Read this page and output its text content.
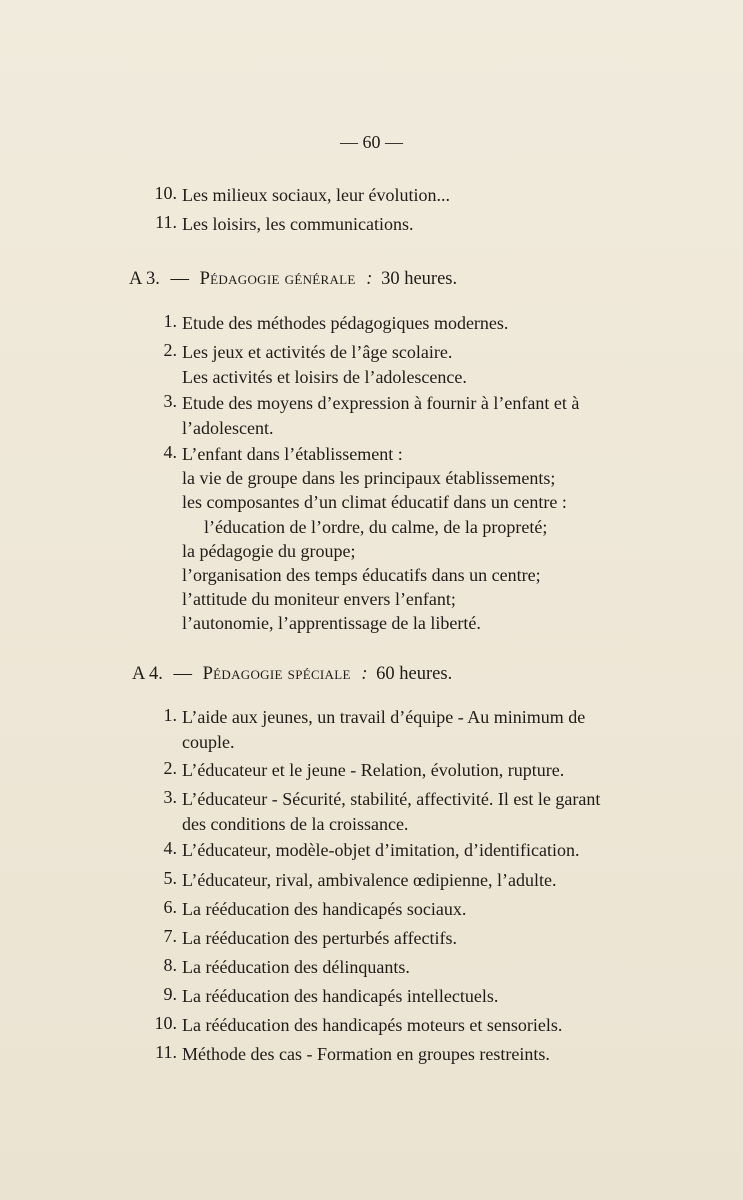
— 60 —
10. Les milieux sociaux, leur évolution...
11. Les loisirs, les communications.
A 3. — Pédagogie générale : 30 heures.
1. Etude des méthodes pédagogiques modernes.
2. Les jeux et activités de l’âge scolaire.
Les activités et loisirs de l’adolescence.
3. Etude des moyens d’expression à fournir à l’enfant et à
l’adolescent.
4. L’enfant dans l’établissement :
la vie de groupe dans les principaux établissements;
les composantes d’un climat éducatif dans un centre :
l’éducation de l’ordre, du calme, de la propreté;
la pédagogie du groupe;
l’organisation des temps éducatifs dans un centre;
l’attitude du moniteur envers l’enfant;
l’autonomie, l’apprentissage de la liberté.
A 4. — Pédagogie spéciale : 60 heures.
1. L’aide aux jeunes, un travail d’équipe - Au minimum de
couple.
2. L’éducateur et le jeune - Relation, évolution, rupture.
3. L’éducateur - Sécurité, stabilité, affectivité. Il est le garant
des conditions de la croissance.
4. L’éducateur, modèle-objet d’imitation, d’identification.
5. L’éducateur, rival, ambivalence œdipienne, l’adulte.
6. La rééducation des handicapés sociaux.
7. La rééducation des perturbés affectifs.
8. La rééducation des délinquants.
9. La rééducation des handicapés intellectuels.
10. La rééducation des handicapés moteurs et sensoriels.
11. Méthode des cas - Formation en groupes restreints.
